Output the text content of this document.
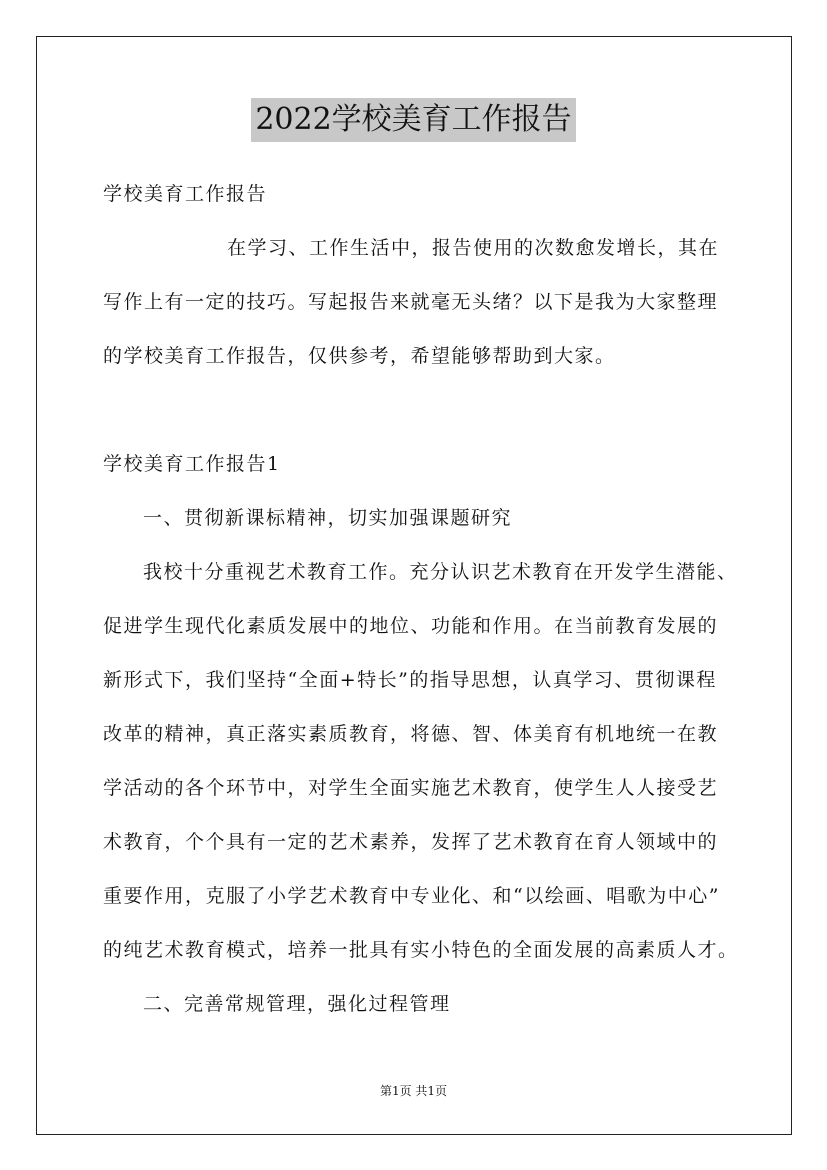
2022学校美育工作报告
学校美育工作报告
在学习、工作生活中，报告使用的次数愈发增长，其在
写作上有一定的技巧。写起报告来就毫无头绪？以下是我为大家整理
的学校美育工作报告，仅供参考，希望能够帮助到大家。
学校美育工作报告1
一、贯彻新课标精神，切实加强课题研究
我校十分重视艺术教育工作。充分认识艺术教育在开发学生潜能、
促进学生现代化素质发展中的地位、功能和作用。在当前教育发展的
新形式下，我们坚持“全面+特长”的指导思想，认真学习、贯彻课程
改革的精神，真正落实素质教育，将德、智、体美育有机地统一在教
学活动的各个环节中，对学生全面实施艺术教育，使学生人人接受艺
术教育，个个具有一定的艺术素养，发挥了艺术教育在育人领域中的
重要作用，克服了小学艺术教育中专业化、和“以绘画、唱歌为中心”
的纯艺术教育模式，培养一批具有实小特色的全面发展的高素质人才。
二、完善常规管理，强化过程管理
第1页 共1页
